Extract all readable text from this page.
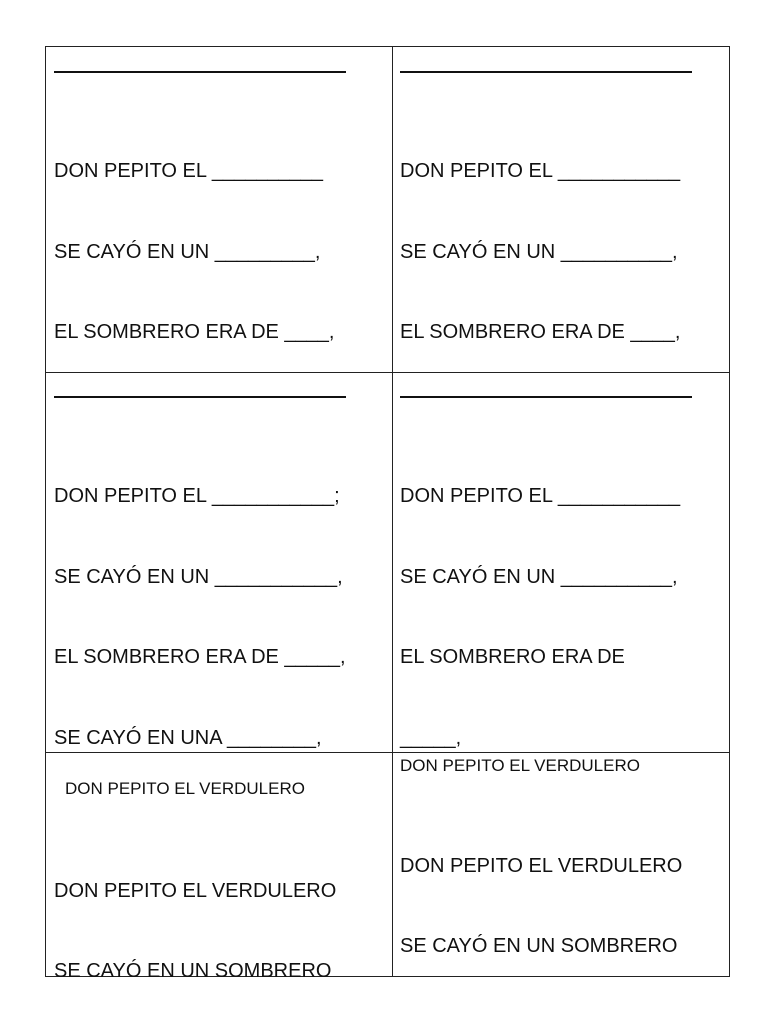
DON PEPITO EL __________

SE CAYÓ EN UN _________,

EL SOMBRERO ERA DE ____,

DON PEPITO EL ___________

SE CAYÓ EN UN __________,

EL SOMBRERO ERA DE ____,

DON PEPITO EL ___________;

SE CAYÓ EN UN ___________,

EL SOMBRERO ERA DE _____,

SE CAYÓ EN UNA ________,

DON PEPITO EL ___________

SE CAYÓ EN UN __________,

EL SOMBRERO ERA DE

_____,

DON PEPITO EL VERDULERO

DON PEPITO EL VERDULERO

SE CAYÓ EN UN SOMBRERO

DON PEPITO EL VERDULERO

DON PEPITO EL VERDULERO

SE CAYÓ EN UN SOMBRERO
